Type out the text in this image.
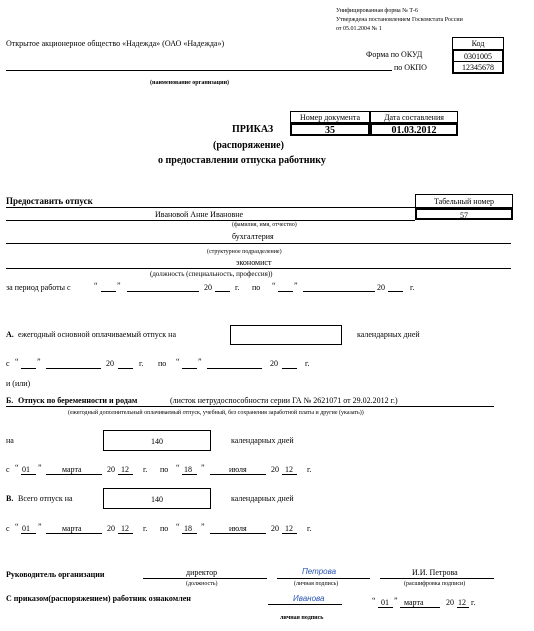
Унифицированная форма № Т-6
Утверждена постановлением Госкомстата России
от 05.01.2004 № 1
Код
Форма по ОКУД	0301005
по ОКПО	12345678
Открытое акционерное общество «Надежда» (ОАО «Надежда»)
(наименование организации)
Номер документа	Дата составления
35	01.03.2012
ПРИКАЗ
(распоряжение)
о предоставлении отпуска работнику
Предоставить отпуск	Табельный номер
57
Ивановой Анне Ивановне
(фамилия, имя, отчество)
бухгалтерия
(структурное подразделение)
экономист
(должность (специальность, профессия))
за период работы с	“ ”	20	г. по “ ”	20	г.
А. ежегодный основной оплачиваемый отпуск на	календарных дней
с “ ”	20	г. по “ ”	20	г.
и (или)
Б. Отпуск по беременности и родам	(листок нетрудоспособности серии ГА № 2621071 от 29.02.2012 г.)
(ежегодный дополнительный оплачиваемый отпуск, учебный, без сохранения заработной платы и другие (указать))
на	140	календарных дней
с “ 01 ”	марта	20 12 г. по “ 18 ”	июля	20 12 г.
В. Всего отпуск на	140	календарных дней
с “ 01 ”	марта	20 12 г. по “ 18 ”	июля	20 12 г.
Руководитель организации	директор
(должность)
Петрова
(личная подпись)
И.И. Петрова
(расшифровка подписи)
С приказом(распоряжением) работник ознакомлен	Иванова
личная подпись
“ 01 ” марта	20 12 г.
